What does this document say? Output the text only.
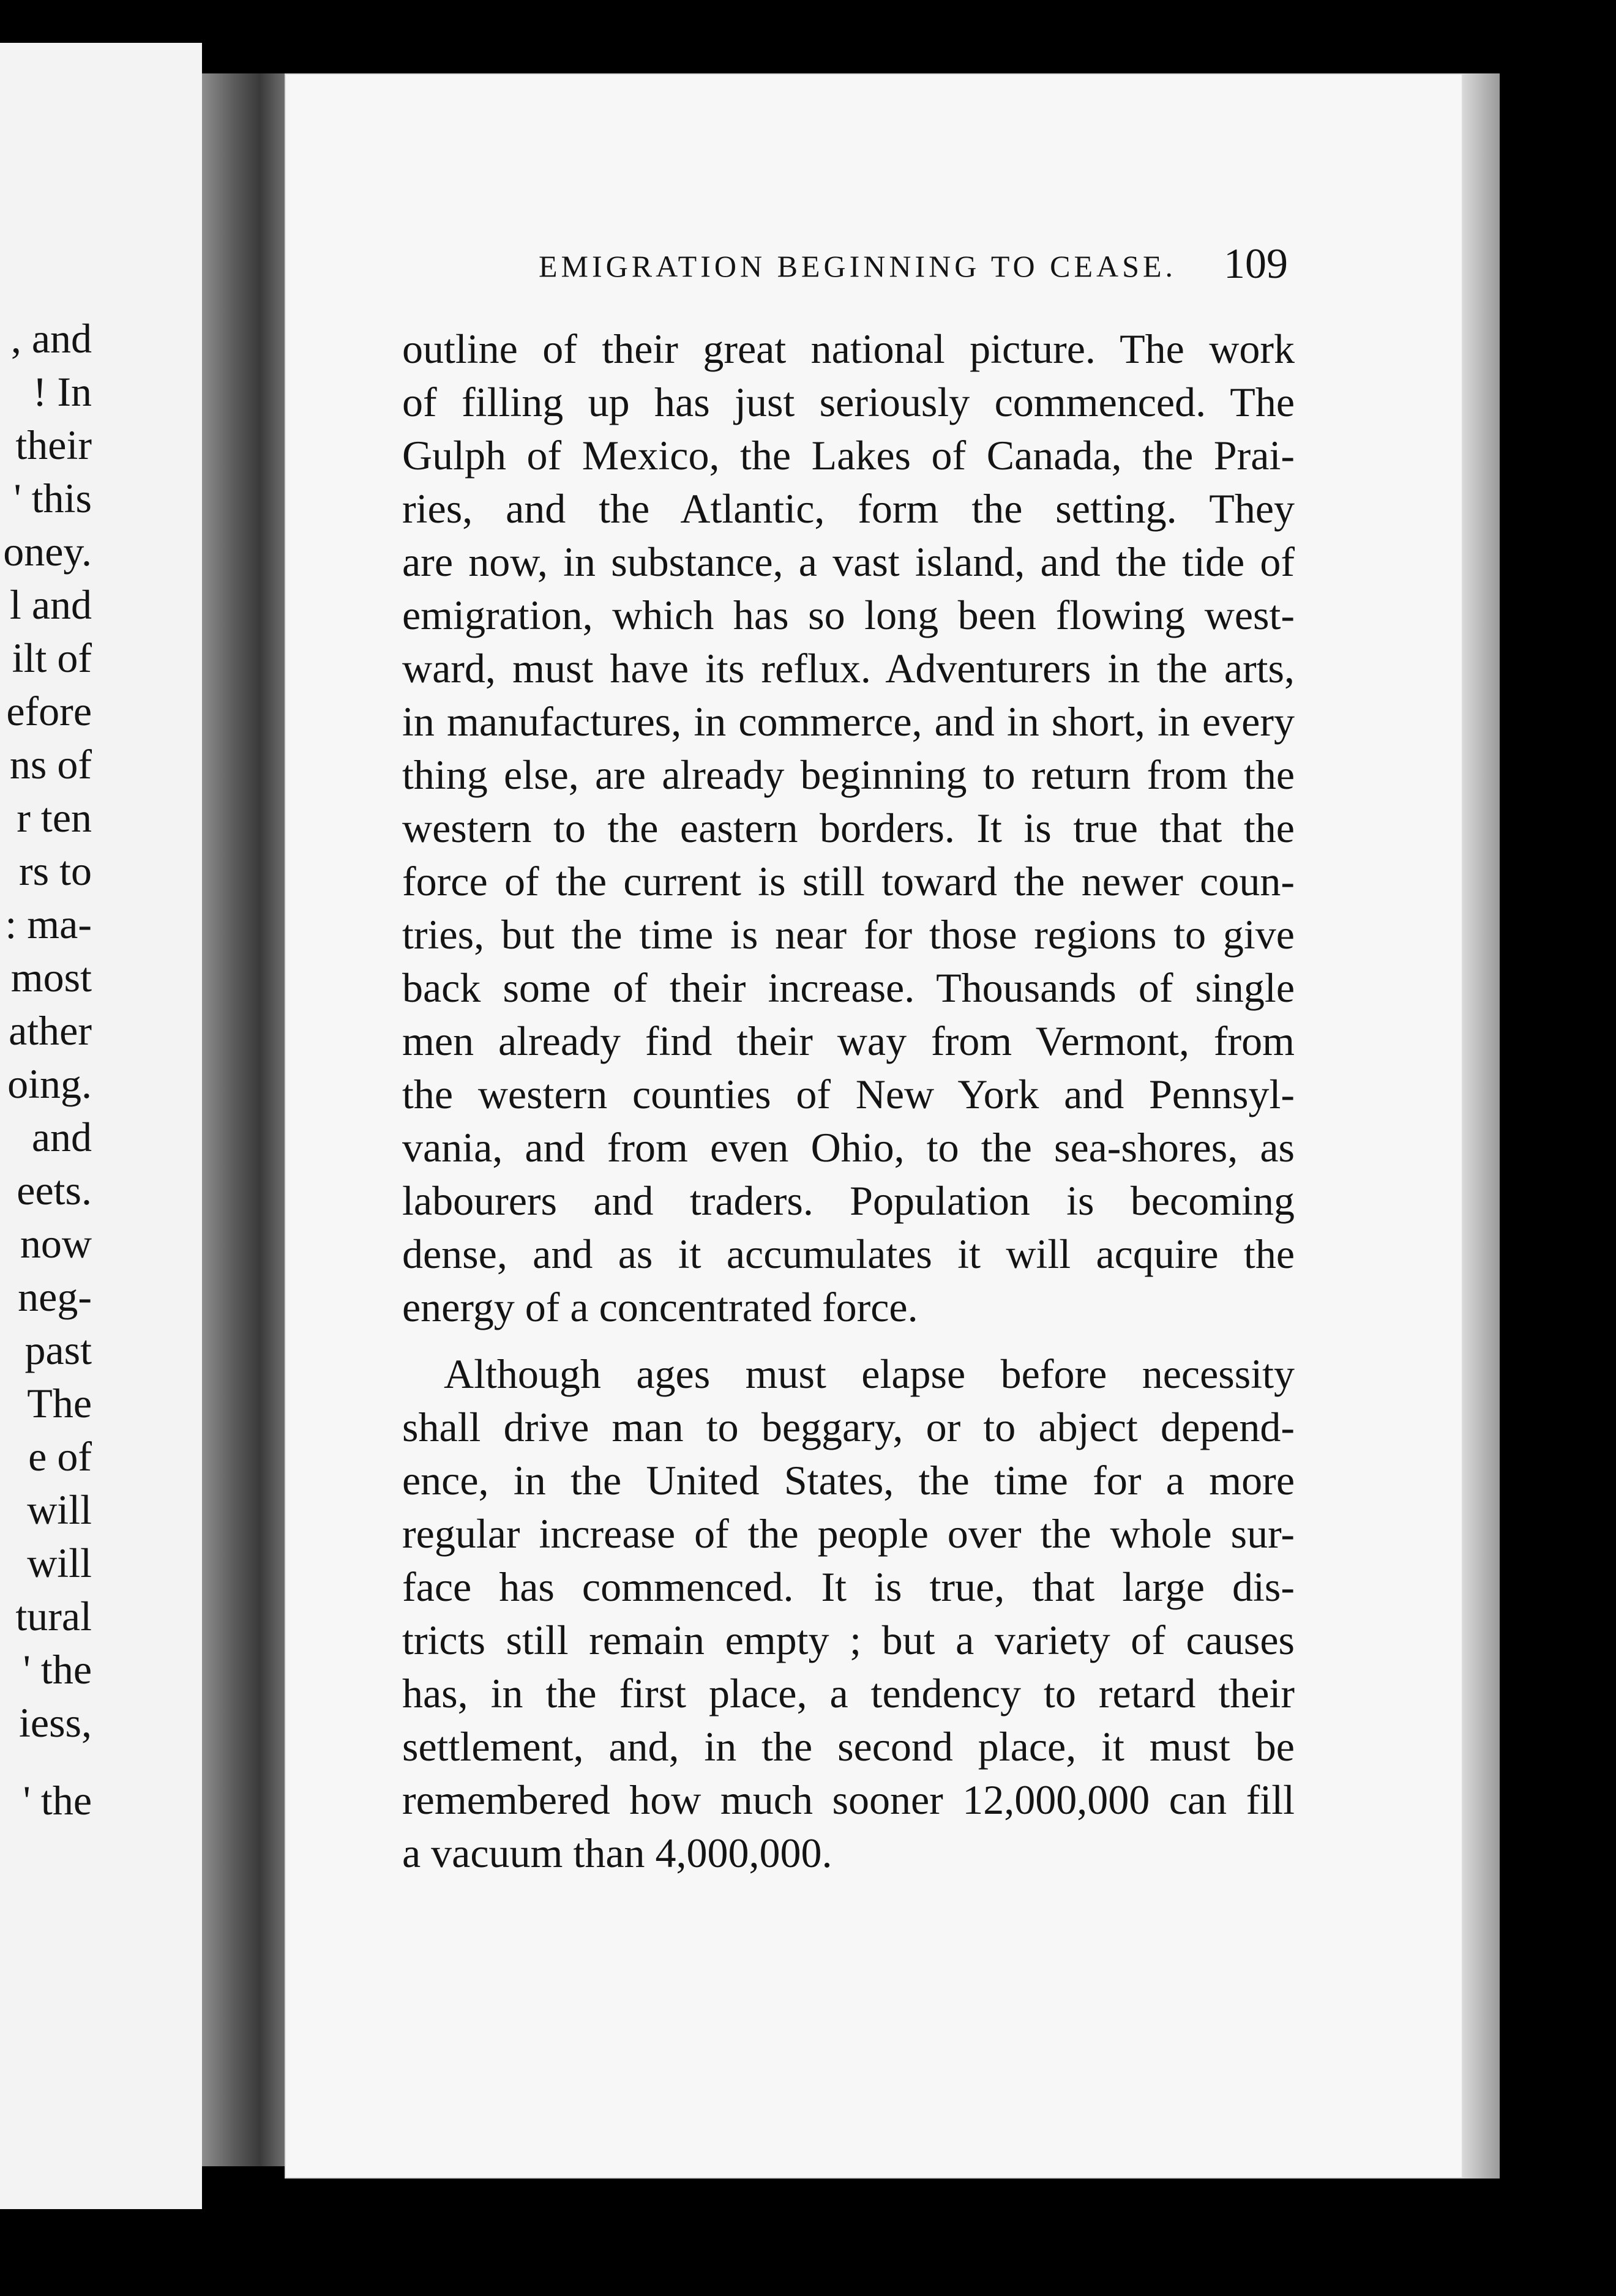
, and
! In
their
' this
oney.
l and
ilt of
efore
ns of
r ten
rs to
: ma-
most
ather
oing.
and
eets.
now
neg-
past
The
e of
will
will
tural
' the
iess,
' the
EMIGRATION BEGINNING TO CEASE. 109
outline of their great national picture. The work
of filling up has just seriously commenced. The
Gulph of Mexico, the Lakes of Canada, the Prai-
ries, and the Atlantic, form the setting. They
are now, in substance, a vast island, and the tide of
emigration, which has so long been flowing west-
ward, must have its reflux. Adventurers in the arts,
in manufactures, in commerce, and in short, in every
thing else, are already beginning to return from the
western to the eastern borders. It is true that the
force of the current is still toward the newer coun-
tries, but the time is near for those regions to give
back some of their increase. Thousands of single
men already find their way from Vermont, from
the western counties of New York and Pennsyl-
vania, and from even Ohio, to the sea-shores, as
labourers and traders. Population is becoming
dense, and as it accumulates it will acquire the
energy of a concentrated force.
Although ages must elapse before necessity
shall drive man to beggary, or to abject depend-
ence, in the United States, the time for a more
regular increase of the people over the whole sur-
face has commenced. It is true, that large dis-
tricts still remain empty ; but a variety of causes
has, in the first place, a tendency to retard their
settlement, and, in the second place, it must be
remembered how much sooner 12,000,000 can fill
a vacuum than 4,000,000.
